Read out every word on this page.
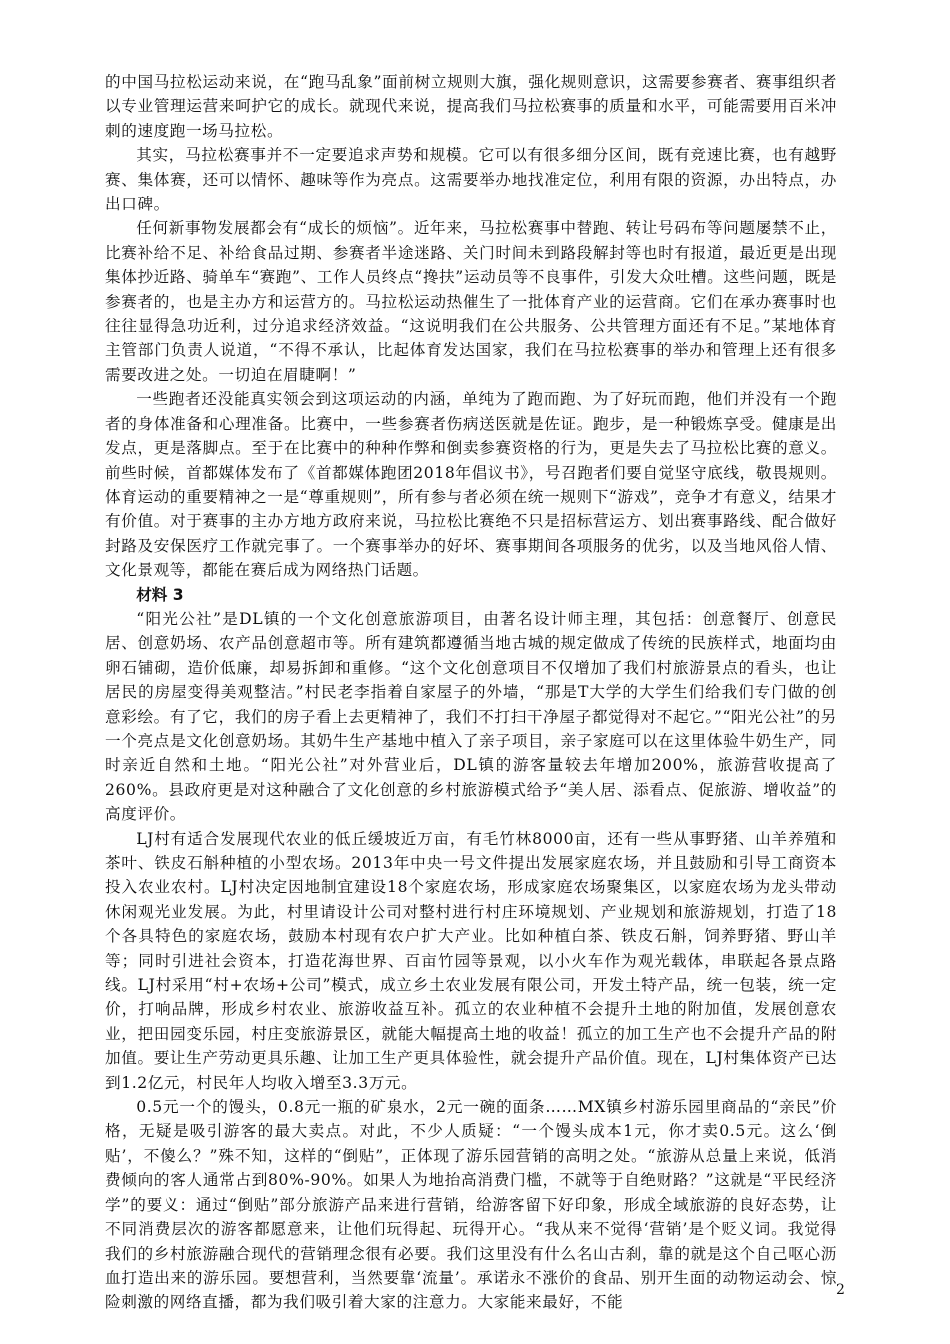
的中国马拉松运动来说，在“跑马乱象”面前树立规则大旗，强化规则意识，这需要参赛者、赛事组织者以专业管理运营来呵护它的成长。就现代来说，提高我们马拉松赛事的质量和水平，可能需要用百米冲刺的速度跑一场马拉松。

其实，马拉松赛事并不一定要追求声势和规模。它可以有很多细分区间，既有竞速比赛，也有越野赛、集体赛，还可以情怀、趣味等作为亮点。这需要举办地找准定位，利用有限的资源，办出特点，办出口碑。

任何新事物发展都会有“成长的烦恼”。近年来，马拉松赛事中替跑、转让号码布等问题屡禁不止，比赛补给不足、补给食品过期、参赛者半途迷路、关门时间未到路段解封等也时有报道，最近更是出现集体抄近路、骑单车“赛跑”、工作人员终点“搀扶”运动员等不良事件，引发大众吐槽。这些问题，既是参赛者的，也是主办方和运营方的。马拉松运动热催生了一批体育产业的运营商。它们在承办赛事时也往往显得急功近利，过分追求经济效益。“这说明我们在公共服务、公共管理方面还有不足。”某地体育主管部门负责人说道，“不得不承认，比起体育发达国家，我们在马拉松赛事的举办和管理上还有很多需要改进之处。一切迫在眉睫啊！”

一些跑者还没能真实领会到这项运动的内涵，单纯为了跑而跑、为了好玩而跑，他们并没有一个跑者的身体准备和心理准备。比赛中，一些参赛者伤病送医就是佐证。跑步，是一种锻炼享受。健康是出发点，更是落脚点。至于在比赛中的种种作弊和倒卖参赛资格的行为，更是失去了马拉松比赛的意义。前些时候，首都媒体发布了《首都媒体跑团2018年倡议书》，号召跑者们要自觉坚守底线，敬畏规则。体育运动的重要精神之一是“尊重规则”，所有参与者必须在统一规则下“游戏”，竞争才有意义，结果才有价值。对于赛事的主办方地方政府来说，马拉松比赛绝不只是招标营运方、划出赛事路线、配合做好封路及安保医疗工作就完事了。一个赛事举办的好坏、赛事期间各项服务的优劣，以及当地风俗人情、文化景观等，都能在赛后成为网络热门话题。

材料 3

“阳光公社”是DL镇的一个文化创意旅游项目，由著名设计师主理，其包括：创意餐厅、创意民居、创意奶场、农产品创意超市等。所有建筑都遵循当地古城的规定做成了传统的民族样式，地面均由卵石铺砌，造价低廉，却易拆卸和重修。“这个文化创意项目不仅增加了我们村旅游景点的看头，也让居民的房屋变得美观整洁。”村民老李指着自家屋子的外墙，“那是T大学的大学生们给我们专门做的创意彩绘。有了它，我们的房子看上去更精神了，我们不打扫干净屋子都觉得对不起它。”“阳光公社”的另一个亮点是文化创意奶场。其奶牛生产基地中植入了亲子项目，亲子家庭可以在这里体验牛奶生产，同时亲近自然和土地。“阳光公社”对外营业后，DL镇的游客量较去年增加200%，旅游营收提高了260%。县政府更是对这种融合了文化创意的乡村旅游模式给予“美人居、添看点、促旅游、增收益”的高度评价。

LJ村有适合发展现代农业的低丘缓坡近万亩，有毛竹林8000亩，还有一些从事野猪、山羊养殖和茶叶、铁皮石斛种植的小型农场。2013年中央一号文件提出发展家庭农场，并且鼓励和引导工商资本投入农业农村。LJ村决定因地制宜建设18个家庭农场，形成家庭农场聚集区，以家庭农场为龙头带动休闲观光业发展。为此，村里请设计公司对整村进行村庄环境规划、产业规划和旅游规划，打造了18个各具特色的家庭农场，鼓励本村现有农户扩大产业。比如种植白茶、铁皮石斛，饲养野猪、野山羊等；同时引进社会资本，打造花海世界、百亩竹园等景观，以小火车作为观光载体，串联起各景点路线。LJ村采用“村+农场+公司”模式，成立乡土农业发展有限公司，开发土特产品，统一包装，统一定价，打响品牌，形成乡村农业、旅游收益互补。孤立的农业种植不会提升土地的附加值，发展创意农业，把田园变乐园，村庄变旅游景区，就能大幅提高土地的收益！孤立的加工生产也不会提升产品的附加值。要让生产劳动更具乐趣、让加工生产更具体验性，就会提升产品价值。现在，LJ村集体资产已达到1.2亿元，村民年人均收入增至3.3万元。

0.5元一个的馒头，0.8元一瓶的矿泉水，2元一碗的面条……MX镇乡村游乐园里商品的“亲民”价格，无疑是吸引游客的最大卖点。对此，不少人质疑：“一个馒头成本1元，你才卖0.5元。这么‘倒贴’，不傻么？”殊不知，这样的“倒贴”，正体现了游乐园营销的高明之处。“旅游从总量上来说，低消费倾向的客人通常占到80%-90%。如果人为地抬高消费门槛，不就等于自绝财路？”这就是“平民经济学”的要义：通过“倒贴”部分旅游产品来进行营销，给游客留下好印象，形成全域旅游的良好态势，让不同消费层次的游客都愿意来，让他们玩得起、玩得开心。“我从来不觉得‘营销’是个贬义词。我觉得我们的乡村旅游融合现代的营销理念很有必要。我们这里没有什么名山古刹，靠的就是这个自己呕心沥血打造出来的游乐园。要想营利，当然要靠‘流量’。承诺永不涨价的食品、别开生面的动物运动会、惊险刺激的网络直播，都为我们吸引着大家的注意力。大家能来最好，不能

2
